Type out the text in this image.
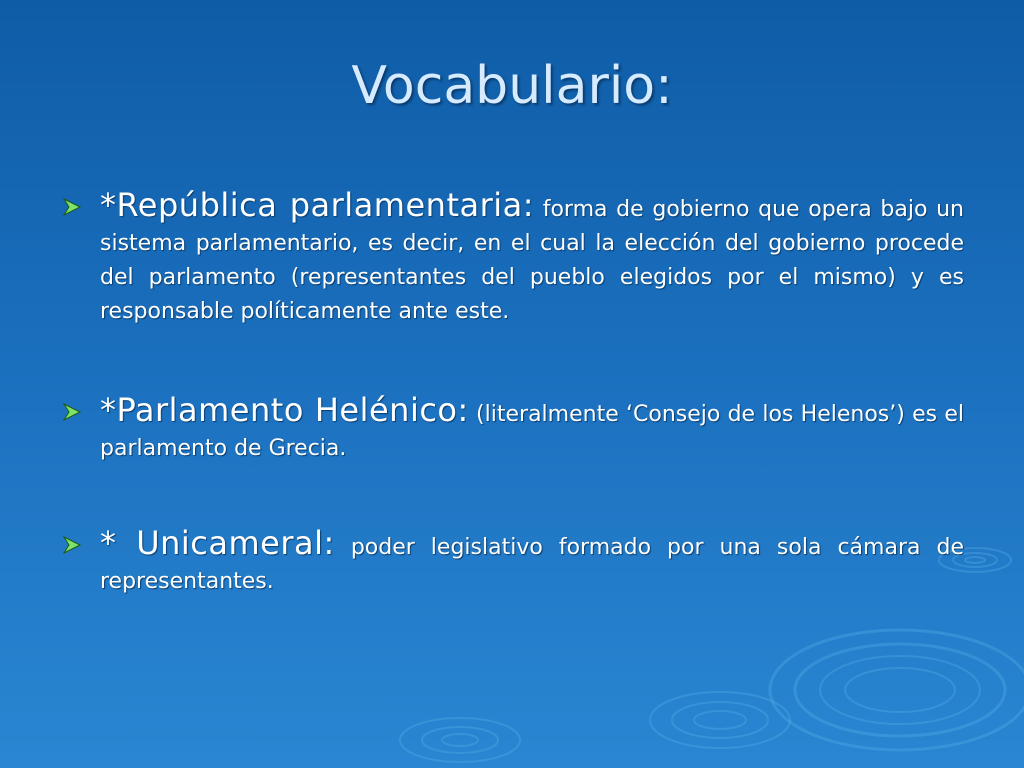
Vocabulario:
*República parlamentaria: forma de gobierno que opera bajo un sistema parlamentario, es decir, en el cual la elección del gobierno procede del parlamento (representantes del pueblo elegidos por el mismo) y es responsable políticamente ante este.
*Parlamento Helénico: (literalmente ‘Consejo de los Helenos’) es el parlamento de Grecia.
* Unicameral: poder legislativo formado por una sola cámara de representantes.
